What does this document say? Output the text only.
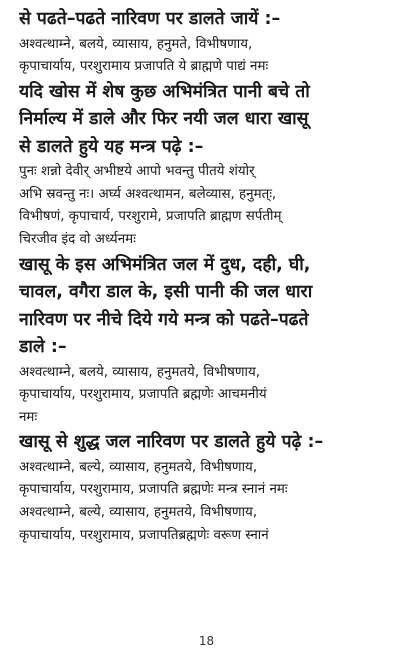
से पढते–पढते नारिवण पर डालते जायें :–
अश्वत्थाम्ने, बलये, व्यासाय, हनुमते, विभीषणाय,
कृपाचार्याय, परशुरामाय प्रजापति ये ब्राह्मणे पाद्यं नमः
यदि खोस में शेष कुछ अभिमंत्रित पानी बचे तो
निर्माल्य में डाले और फिर नयी जल धारा खासू
से डालते हुये यह मन्त्र पढ़े :–
पुनः शन्नो देवीर् अभीष्टये आपो भवन्तु पीतये शंयोर्
अभि स्रवन्तु नः। अर्घ्य अश्वत्थामन, बलेव्यास, हनुमत्ः,
विभीषणं, कृपाचार्य, परशुरामे, प्रजापति ब्राह्मण सर्पतीम्
चिरजीव इंद वो अर्ध्यनमः
खासू के इस अभिमंत्रित जल में दुध, दही, घी,
चावल, वगैरा डाल के, इसी पानी की जल धारा
नारिवण पर नीचे दिये गये मन्त्र को पढते–पढते
डाले :–
अश्वत्थाम्ने, बलये, व्यासाय, हनुमतये, विभीषणाय,
कृपाचार्याय, परशुरामाय, प्रजापति ब्रह्मणेः आचमनीयं
नमः
खासू से शुद्ध जल नारिवण पर डालते हुये पढ़े :–
अश्वत्थाम्ने, बल्ये, व्यासाय, हनुमतये, विभीषणाय,
कृपाचार्याय, परशुरामाय, प्रजापति ब्रह्मणेः मन्त्र स्नानं नमः
अश्वत्थाम्ने, बल्ये, व्यासाय, हनुमतये, विभीषणाय,
कृपाचार्याय, परशुरामाय, प्रजापतिब्रह्मणेः वरूण स्नानं
18
